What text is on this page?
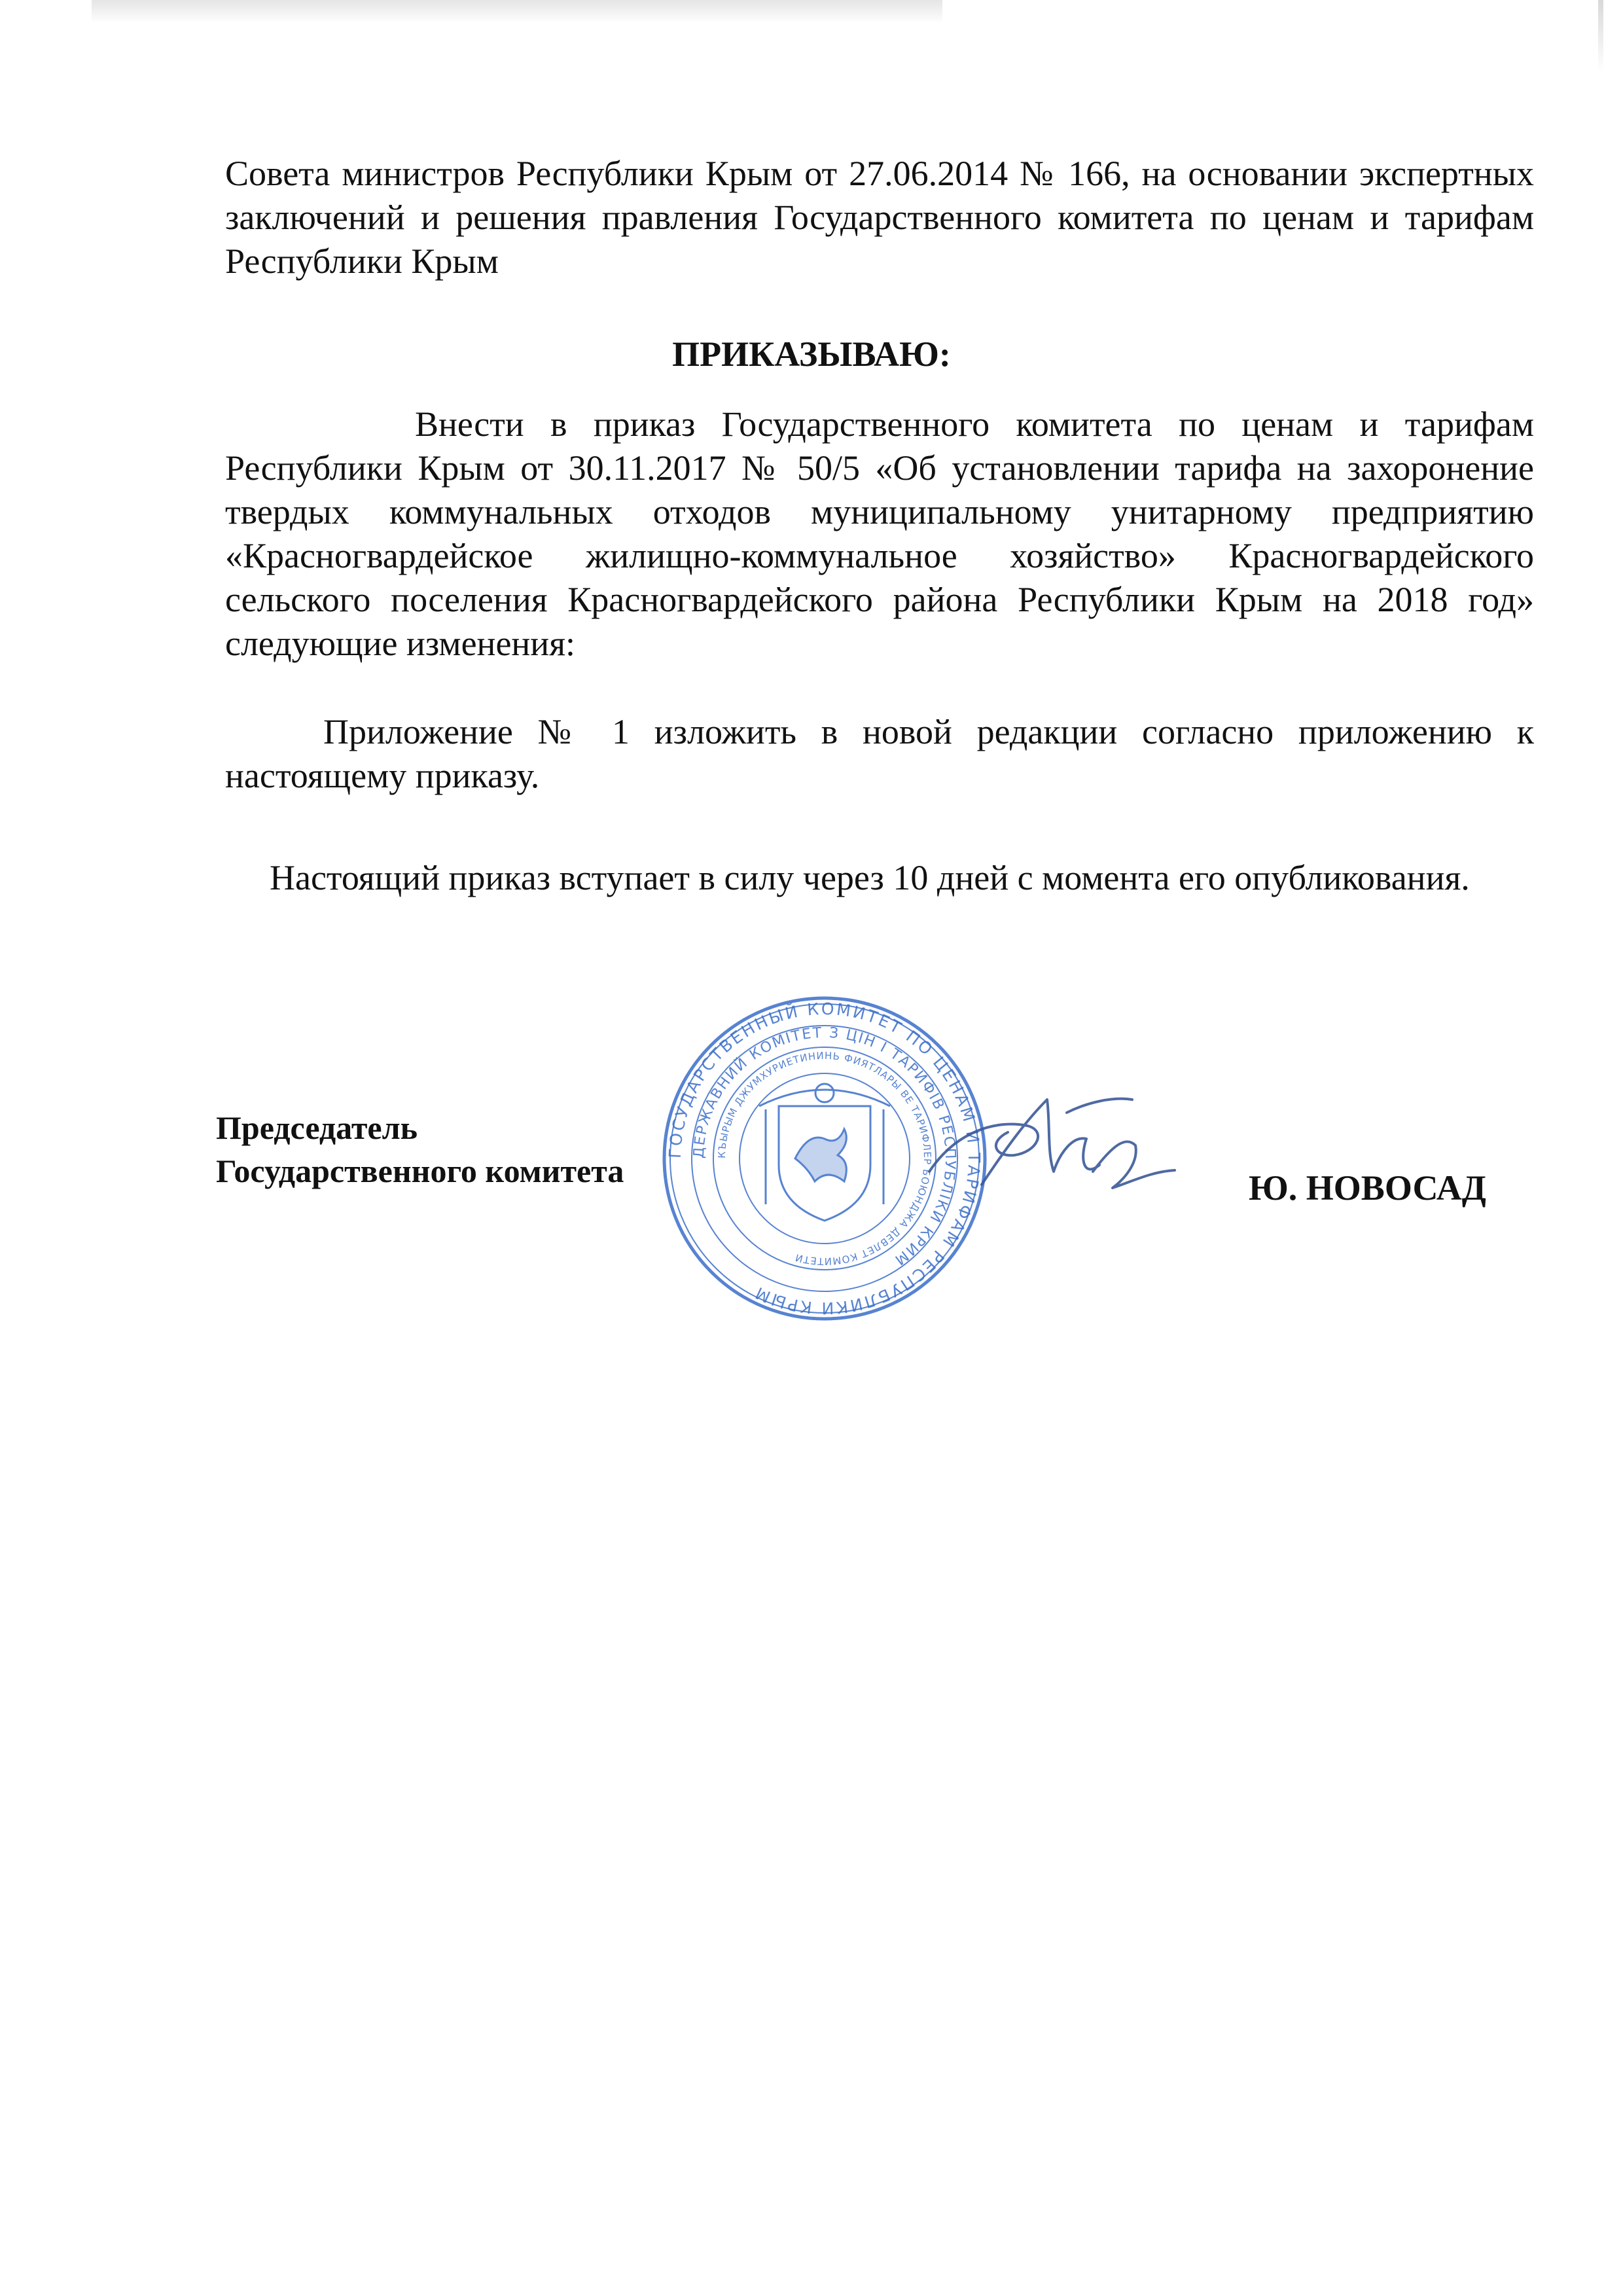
Совета министров Республики Крым от 27.06.2014 № 166, на основании экспертных заключений и решения правления Государственного комитета по ценам и тарифам Республики Крым

ПРИКАЗЫВАЮ:

Внести в приказ Государственного комитета по ценам и тарифам Республики Крым от 30.11.2017 № 50/5 «Об установлении тарифа на захоронение твердых коммунальных отходов муниципальному унитарному предприятию «Красногвардейское жилищно-коммунальное хозяйство» Красногвардейского сельского поселения Красногвардейского района Республики Крым на 2018 год» следующие изменения:

Приложение № 1 изложить в новой редакции согласно приложению к настоящему приказу.

Настоящий приказ вступает в силу через 10 дней с момента его опубликования.

Председатель
Государственного комитета	Ю. НОВОСАД
ГОСУДАРСТВЕННЫЙ КОМИТЕТ ПО ЦЕНАМ И ТАРИФАМ РЕСПУБЛИКИ КРЫМ
ДЕРЖАВНИЙ КОМІТЕТ З ЦІН І ТАРИФІВ РЕСПУБЛІКИ КРИМ
КЪЫРЫМ ДЖУМХУРИЕТИНИНЬ ФИЯТЛАРЫ ВЕ ТАРИФЛЕР БОЮНДЖА ДЕВЛЕТ КОМИТЕТИ
